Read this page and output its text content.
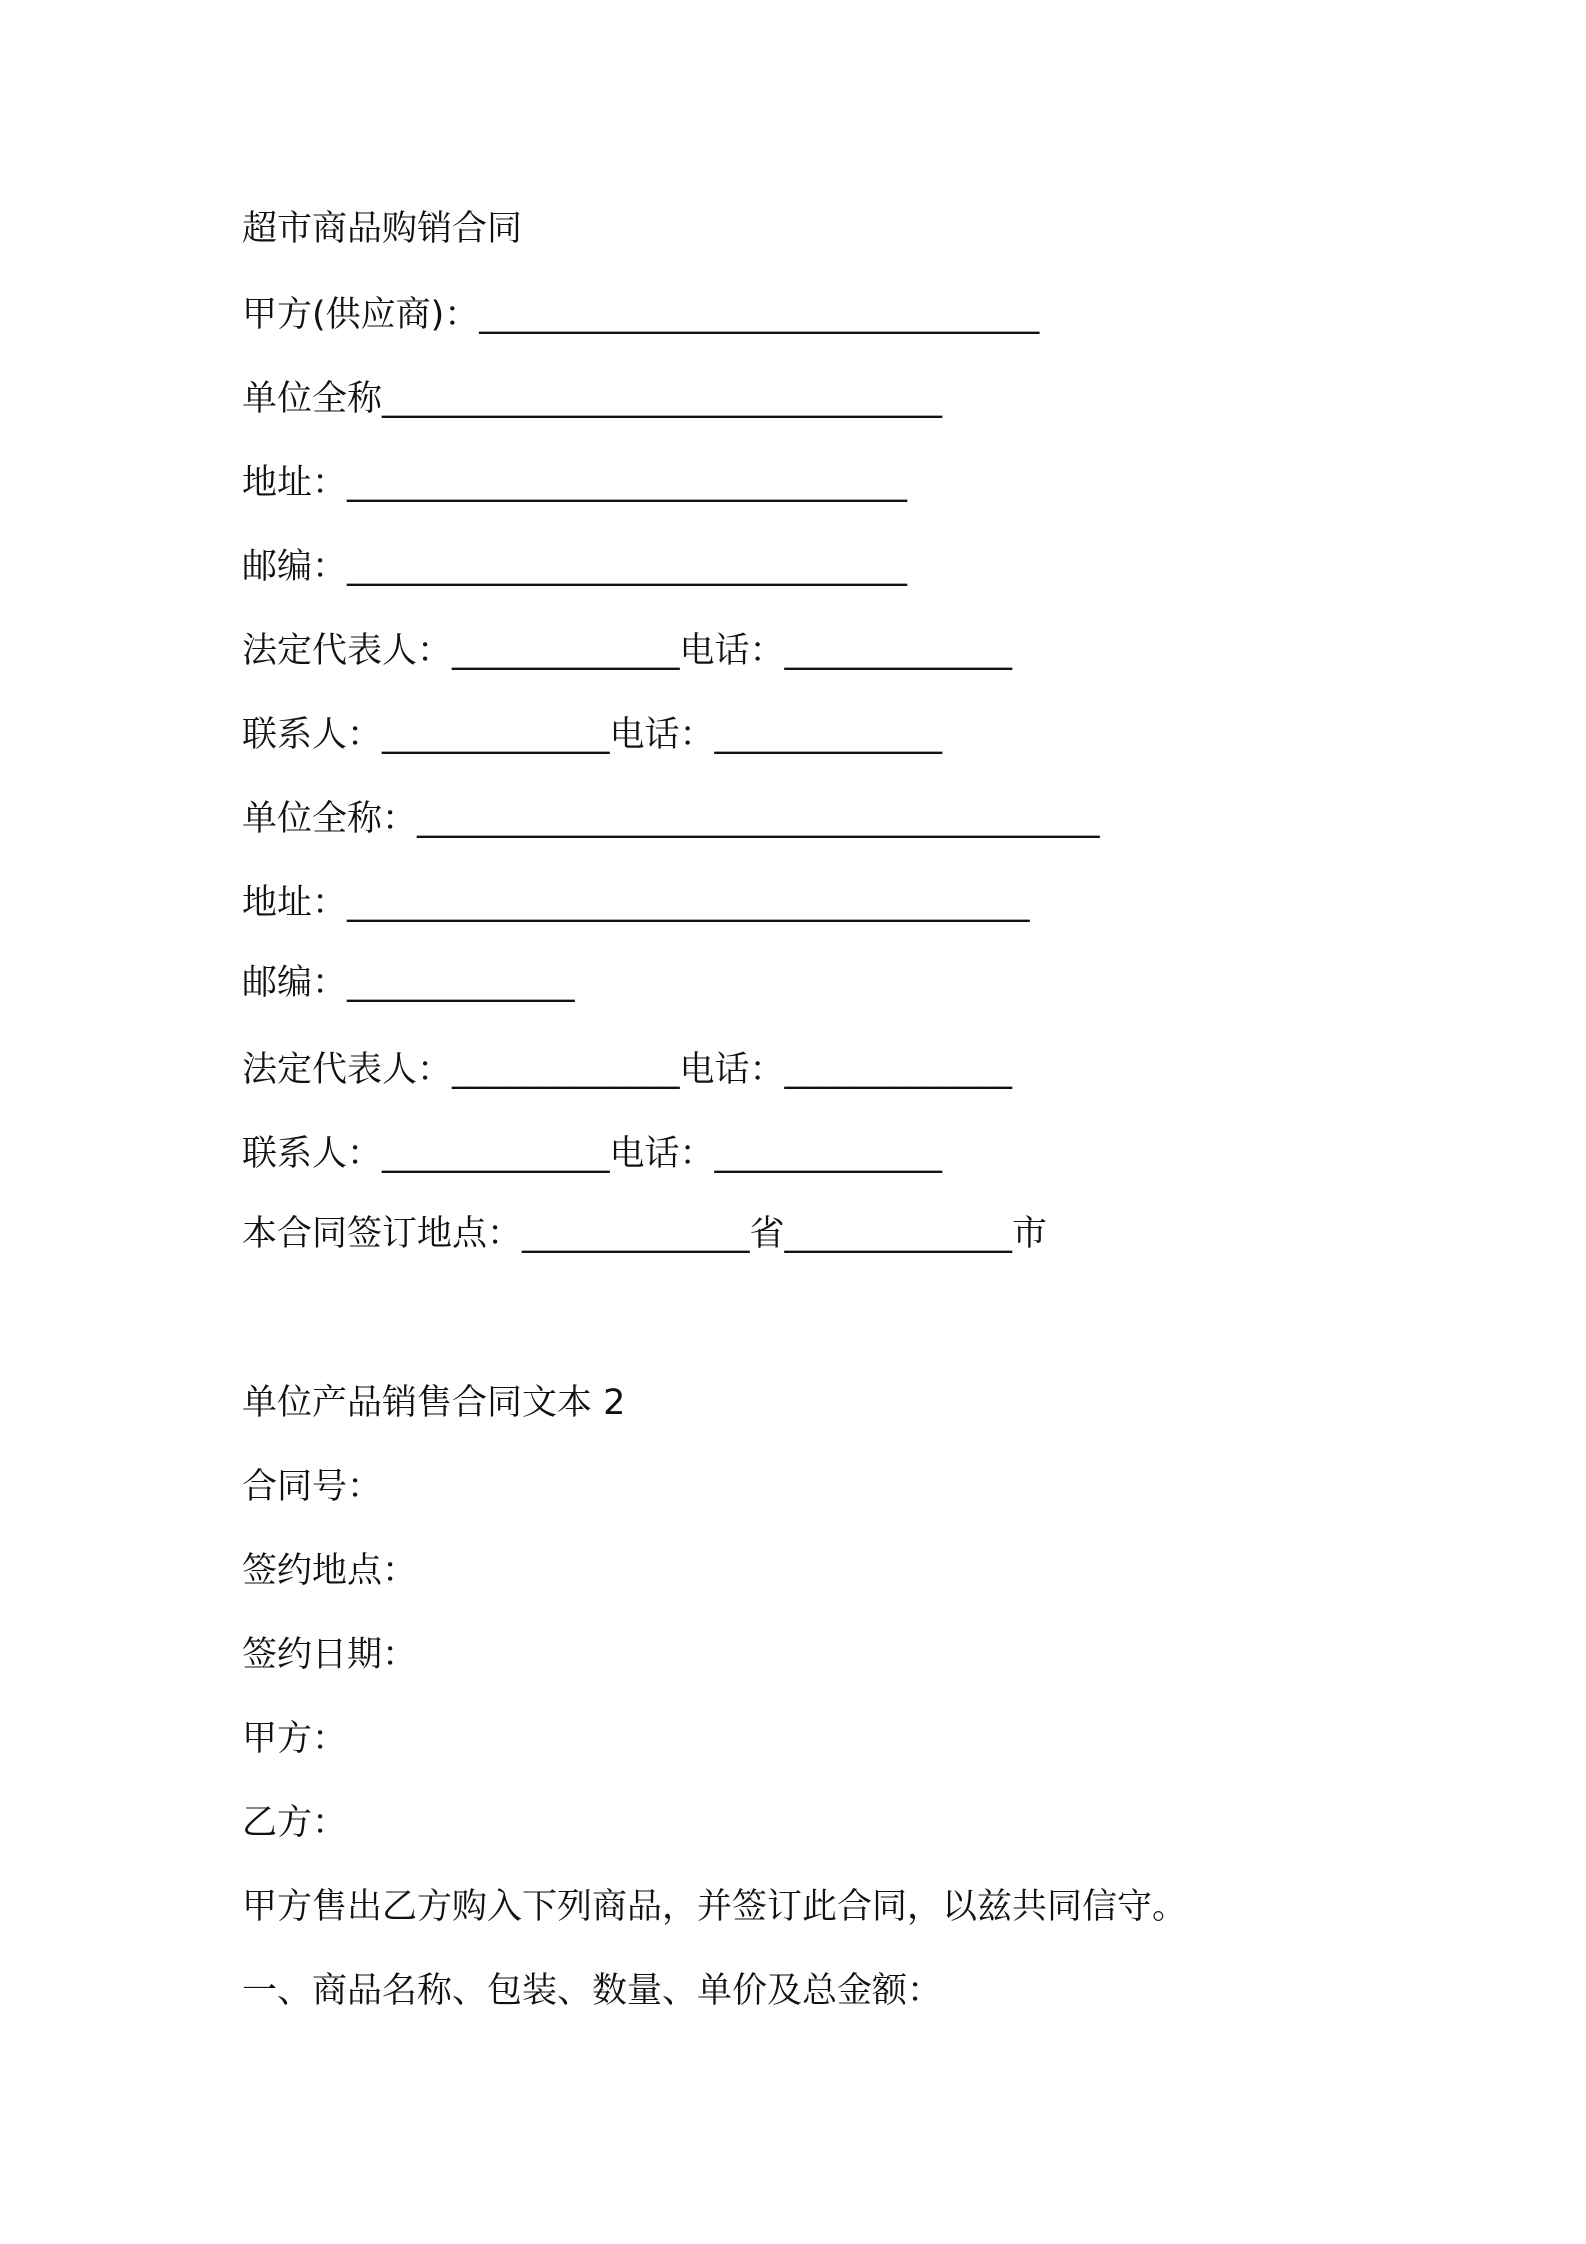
超市商品购销合同
甲方(供应商)：________________________________
单位全称________________________________
地址：________________________________
邮编：________________________________
法定代表人：_____________电话：_____________
联系人：_____________电话：_____________
单位全称：_______________________________________
地址：_______________________________________
邮编：_____________
法定代表人：_____________电话：_____________
联系人：_____________电话：_____________
本合同签订地点：_____________省_____________市
单位产品销售合同文本 2
合同号：
签约地点：
签约日期：
甲方：
乙方：
甲方售出乙方购入下列商品，并签订此合同，以兹共同信守。
一、商品名称、包装、数量、单价及总金额：
